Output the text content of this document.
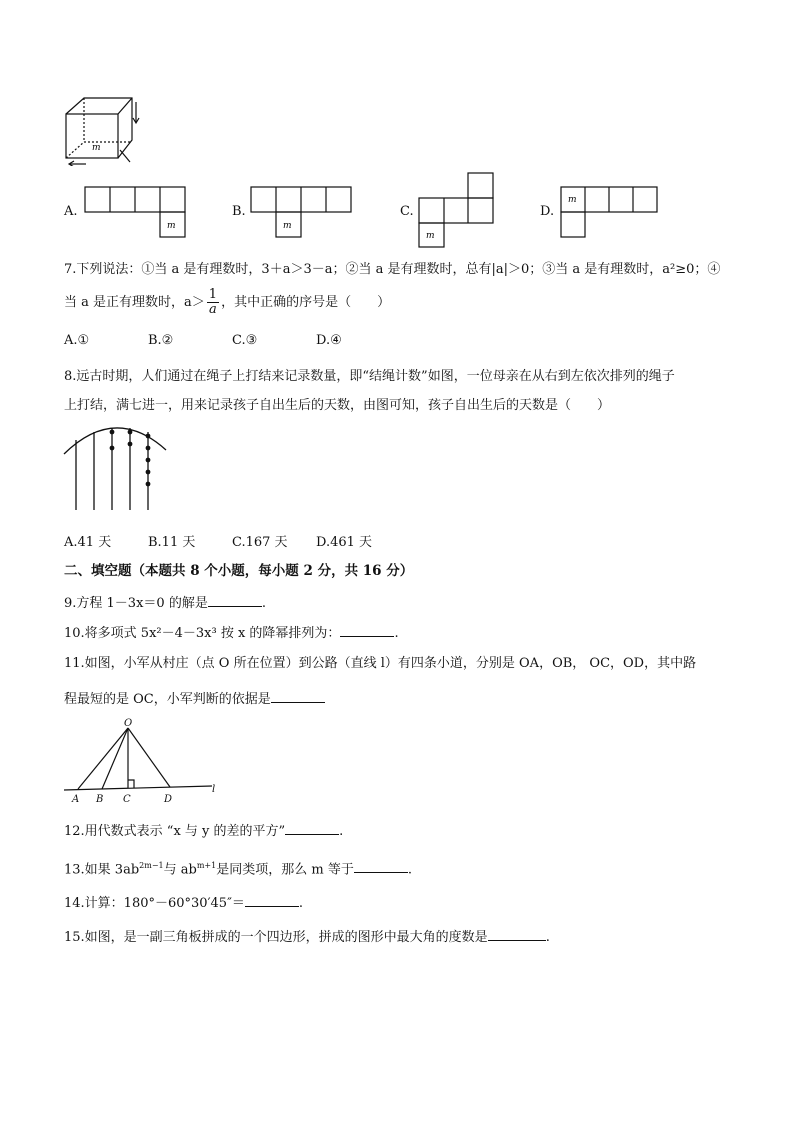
m
A.
m
B.
m
C.
m
D.
m
7.下列说法：①当 a 是有理数时，3＋a＞3－a；②当 a 是有理数时，总有|a|＞0；③当 a 是有理数时，a²≥0；④
当 a 是正有理数时，$a> \frac{1}{a}$ ，其中正确的序号是（　　）
A.①	B.②	C.③	D.④
8.远古时期，人们通过在绳子上打结来记录数量，即“结绳计数”如图，一位母亲在从右到左依次排列的绳子
上打结，满七进一，用来记录孩子自出生后的天数，由图可知，孩子自出生后的天数是（　　）
A.41 天	B.11 天	C.167 天 D.461 天
二、填空题（本题共 8 个小题，每小题 2 分，共 16 分）
9.方程 1－3x＝0 的解是	.
10.将多项式 5x²－4－3x³ 按 x 的降幂排列为：	.
11.如图，小军从村庄（点 O 所在位置）到公路（直线 l）有四条小道，分别是 OA，OB， OC，OD，其中路
程最短的是 OC，小军判断的依据是
O
A B C	D
l
12.用代数式表示 “x 与 y 的差的平方”	.
13.如果 $3ab^{2m-1}$与 $ab^{m+1}$是同类项，那么 m 等于	.
14.计算：180°－60°30′45″＝	.
15.如图，是一副三角板拼成的一个四边形，拼成的图形中最大角的度数是	.
